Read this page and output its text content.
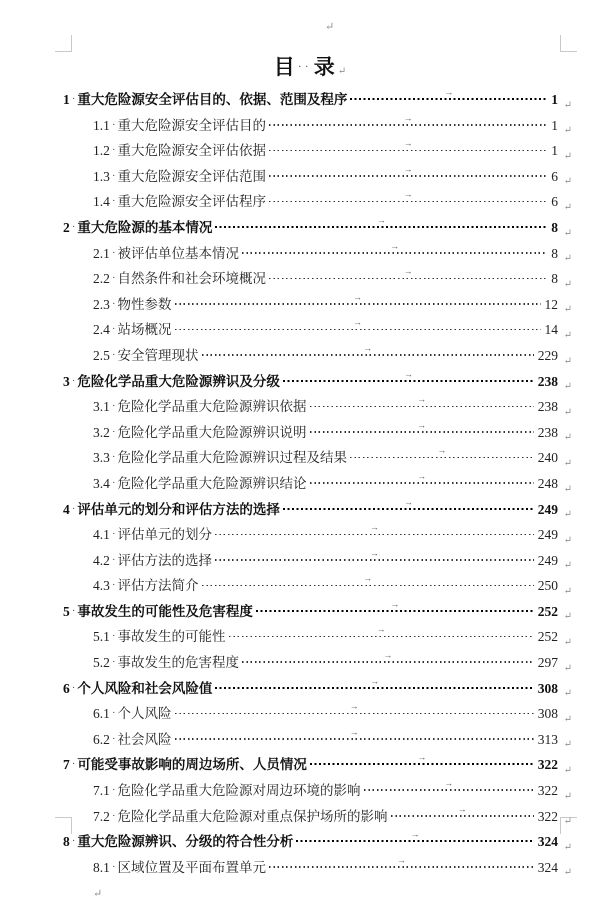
↵
目 ··录 ↵
1 · 重大危险源安全评估目的、依据、范围及程序	→	1 ↵
1.1 · 重大危险源安全评估目的	→	1 ↵
1.2 · 重大危险源安全评估依据	→	1 ↵
1.3 · 重大危险源安全评估范围	→	6 ↵
1.4 · 重大危险源安全评估程序	→	6 ↵
2 · 重大危险源的基本情况	→	8 ↵
2.1 · 被评估单位基本情况	→	8 ↵
2.2 · 自然条件和社会环境概况	→	8 ↵
2.3 · 物性参数	→	12 ↵
2.4 · 站场概况	→	14 ↵
2.5 · 安全管理现状	→	229 ↵
3 · 危险化学品重大危险源辨识及分级	→	238 ↵
3.1 · 危险化学品重大危险源辨识依据	→	238 ↵
3.2 · 危险化学品重大危险源辨识说明	→	238 ↵
3.3 · 危险化学品重大危险源辨识过程及结果	→	240 ↵
3.4 · 危险化学品重大危险源辨识结论	→	248 ↵
4 · 评估单元的划分和评估方法的选择	→	249 ↵
4.1 · 评估单元的划分	→	249 ↵
4.2 · 评估方法的选择	→	249 ↵
4.3 · 评估方法简介	→	250 ↵
5 · 事故发生的可能性及危害程度	→	252 ↵
5.1 · 事故发生的可能性	→	252 ↵
5.2 · 事故发生的危害程度	→	297 ↵
6 · 个人风险和社会风险值	→	308 ↵
6.1 · 个人风险	→	308 ↵
6.2 · 社会风险	→	313 ↵
7 · 可能受事故影响的周边场所、人员情况	→	322 ↵
7.1 · 危险化学品重大危险源对周边环境的影响	→	322 ↵
7.2 · 危险化学品重大危险源对重点保护场所的影响	→	322 ↵
8 · 重大危险源辨识、分级的符合性分析	→	324 ↵
8.1 · 区域位置及平面布置单元	→	324 ↵
↵
